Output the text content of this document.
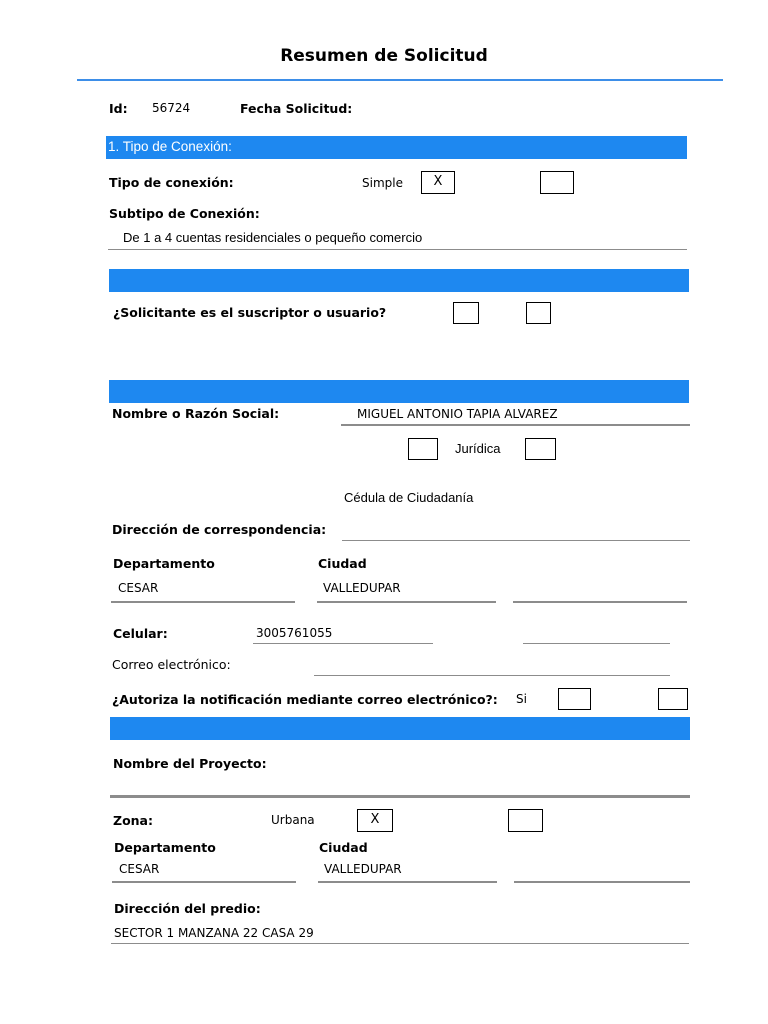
Resumen de Solicitud
Id: 56724	Fecha Solicitud:
1. Tipo de Conexión:
Tipo de conexión:	Simple	X
Subtipo de Conexión:
De 1 a 4 cuentas residenciales o pequeño comercio
¿Solicitante es el suscriptor o usuario?
Nombre o Razón Social:	MIGUEL ANTONIO TAPIA ALVAREZ
Jurídica
Cédula de Ciudadanía
Dirección de correspondencia:
Departamento	Ciudad
CESAR	VALLEDUPAR
Celular:	3005761055
Correo electrónico:
¿Autoriza la notificación mediante correo electrónico?: Si
Nombre del Proyecto:
Zona:	Urbana	X
Departamento	Ciudad
CESAR	VALLEDUPAR
Dirección del predio:
SECTOR 1 MANZANA 22 CASA 29
